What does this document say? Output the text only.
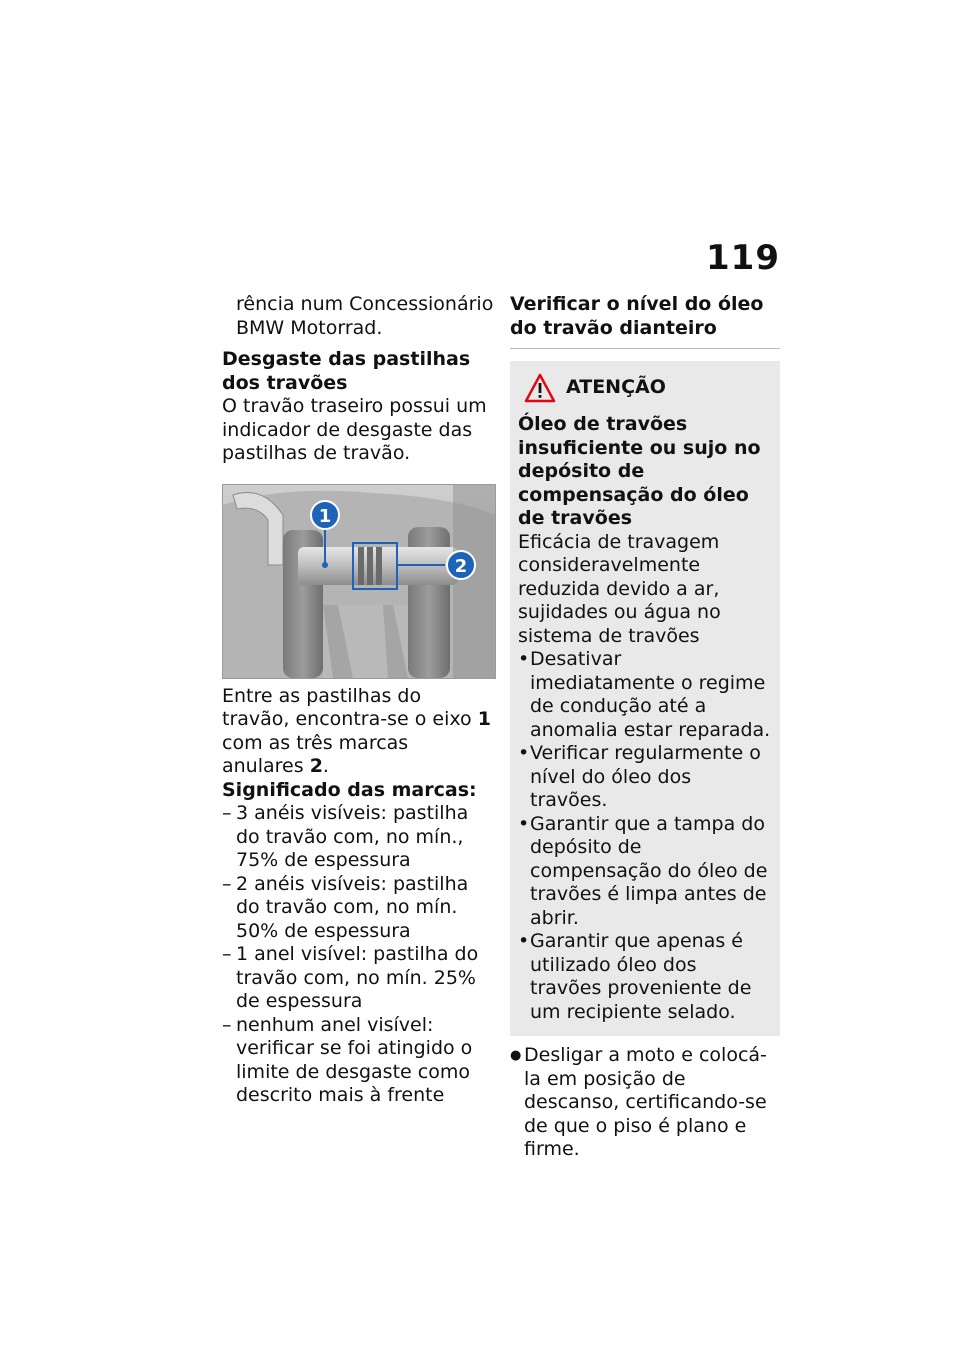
119

rência num Concessionário BMW Motorrad.

Desgaste das pastilhas dos travões

O travão traseiro possui um indicador de desgaste das pastilhas de travão.

1
2

Entre as pastilhas do travão, encontra-se o eixo 1 com as três marcas anulares 2.

Significado das marcas:

– 3 anéis visíveis: pastilha do travão com, no mín., 75% de espessura
– 2 anéis visíveis: pastilha do travão com, no mín. 50% de espessura
– 1 anel visível: pastilha do travão com, no mín. 25% de espessura
– nenhum anel visível: verificar se foi atingido o limite de desgaste como descrito mais à frente

Verificar o nível do óleo do travão dianteiro

ATENÇÃO

Óleo de travões insuficiente ou sujo no depósito de compensação do óleo de travões

Eficácia de travagem consideravelmente reduzida devido a ar, sujidades ou água no sistema de travões

• Desativar imediatamente o regime de condução até a anomalia estar reparada.
• Verificar regularmente o nível do óleo dos travões.
• Garantir que a tampa do depósito de compensação do óleo de travões é limpa antes de abrir.
• Garantir que apenas é utilizado óleo dos travões proveniente de um recipiente selado.
● Desligar a moto e colocá-la em posição de descanso, certificando-se de que o piso é plano e firme.
